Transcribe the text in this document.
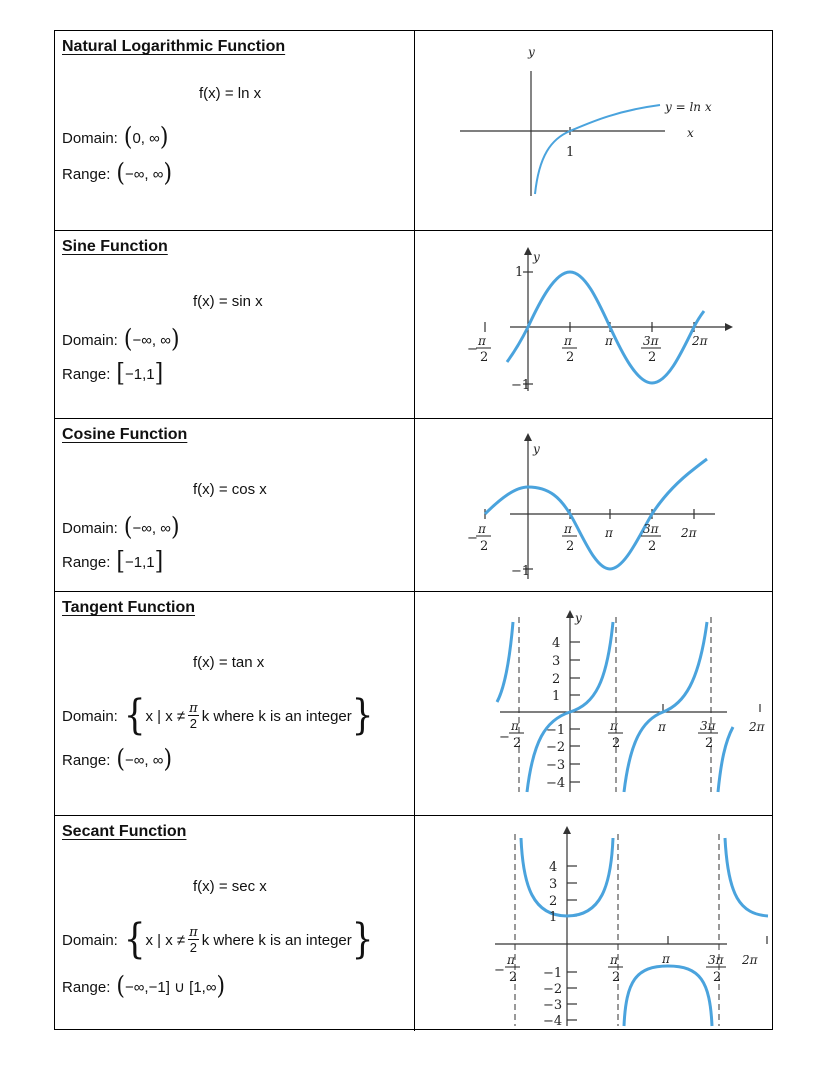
Natural Logarithmic Function
f(x) = ln x
Domain: ( 0, ∞ )
Range: ( −∞, ∞ )
y
x
y = ln x
1
Sine Function
f(x) = sin x
Domain: ( −∞, ∞ )
Range: [ −1,1 ]
1
−1
y
−
π
2
π
2
π	3π
2
2π
Cosine Function
f(x) = cos x
Domain: ( −∞, ∞ )
Range: [ −1,1 ]	−1
y
−
π
2
π
2
π	3π
2
2π
Tangent Function
f(x) = tan x
Domain: { x | $x \ne \frac{\pi}{2}$ k where k is an integer }
Range: ( −∞, ∞ )
y
4
3
2
1
−1
−2
−3
−4
−
π
2
π
2
π	3π
2
2π
Secant Function
f(x) = sec x
Domain: { x | $x \ne \frac{\pi}{2}$ k where k is an integer }
Range: ( −∞,−1] ∪ [1,∞ )
4
3
2
1
−1
−2
−3
−4
−
π
2
π
2
π	3π
2
2π
